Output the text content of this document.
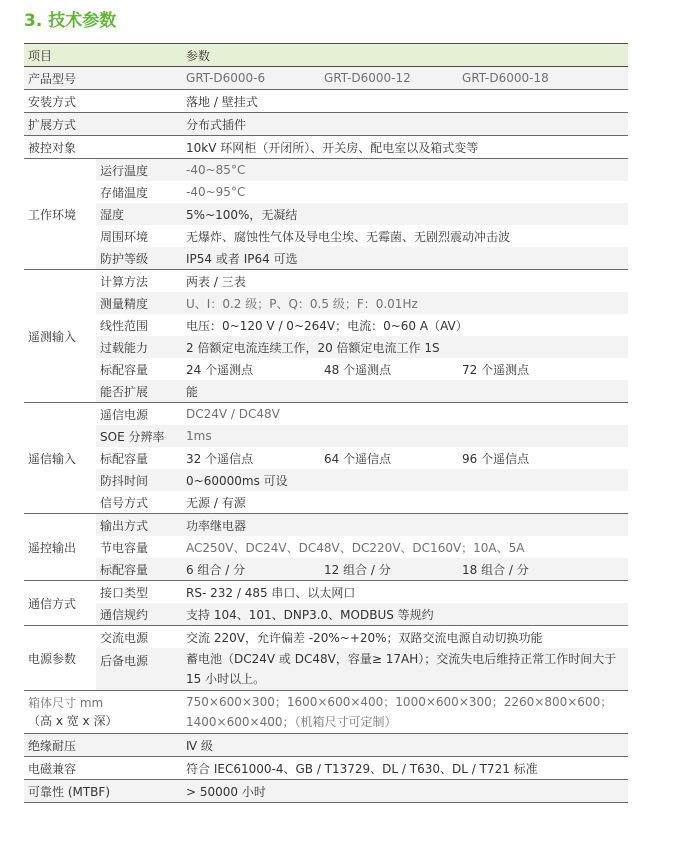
3. 技术参数
项目		参数		
产品型号		GRT-D6000-6	GRT-D6000-12	GRT-D6000-18
安装方式		落地 / 壁挂式		
扩展方式		分布式插件		
被控对象		10kV 环网柜（开闭所）、开关房、配电室以及箱式变等		
工作环境	运行温度	-40~85°C		
	存储温度	-40~95°C		
	湿度	5%~100%，无凝结		
	周围环境	无爆炸、腐蚀性气体及导电尘埃、无霉菌、无剧烈震动冲击波		
	防护等级	IP54 或者 IP64 可选		
遥测输入	计算方法	两表 / 三表		
	测量精度	U、I：0.2 级；P、Q：0.5 级；F：0.01Hz		
	线性范围	电压：0~120 V / 0~264V；电流：0~60 A（AV）		
	过载能力	2 倍额定电流连续工作，20 倍额定电流工作 1S		
	标配容量	24 个遥测点	48 个遥测点	72 个遥测点
	能否扩展	能		
遥信输入	遥信电源	DC24V / DC48V		
	SOE 分辨率	1ms		
	标配容量	32 个遥信点	64 个遥信点	96 个遥信点
	防抖时间	0~60000ms 可设		
	信号方式	无源 / 有源		
遥控输出	输出方式	功率继电器		
	节电容量	AC250V、DC24V、DC48V、DC220V、DC160V；10A、5A		
	标配容量	6 组合 / 分	12 组合 / 分	18 组合 / 分
通信方式	接口类型	RS- 232 / 485 串口、以太网口		
	通信规约	支持 104、101、DNP3.0、MODBUS 等规约		
电源参数	交流电源	交流 220V，允许偏差 -20%~+20%；双路交流电源自动切换功能		
	后备电源	蓄电池（DC24V 或 DC48V，容量≥ 17AH）；交流失电后维持正常工作时间大于 15 小时以上。		
箱体尺寸 mm
（高 x 宽 x 深）		750×600×300；1600×600×400；1000×600×300；2260×800×600；1400×600×400；（机箱尺寸可定制）		
绝缘耐压		Ⅳ 级		
电磁兼容		符合 IEC61000-4、GB / T13729、DL / T630、DL / T721 标准		
可靠性 (MTBF)		> 50000 小时		
